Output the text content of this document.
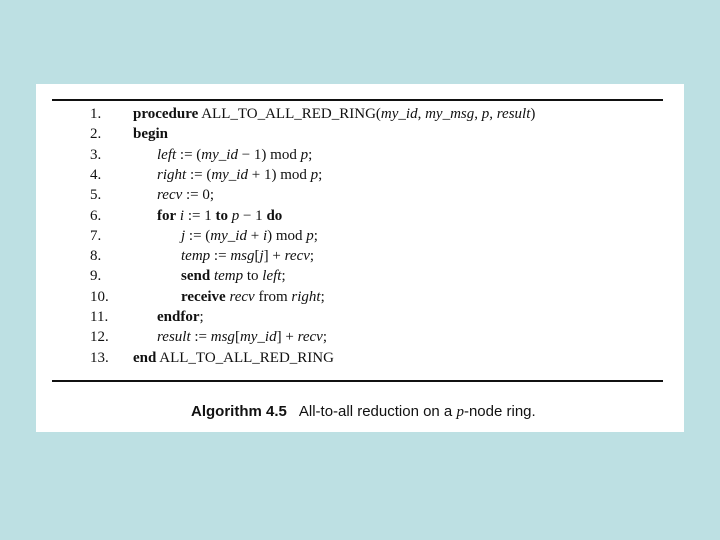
1. procedure ALL_TO_ALL_RED_RING(my_id, my_msg, p, result)
2. begin
3.	left := (my_id − 1) mod p;
4.	right := (my_id + 1) mod p;
5.	recv := 0;
6.	for i := 1 to p − 1 do
7.	j := (my_id + i) mod p;
8.	temp := msg[j] + recv;
9.	send temp to left;
10.	receive recv from right;
11.	endfor;
12.	result := msg[my_id] + recv;
13. end ALL_TO_ALL_RED_RING
Algorithm 4.5 All-to-all reduction on a p-node ring.
